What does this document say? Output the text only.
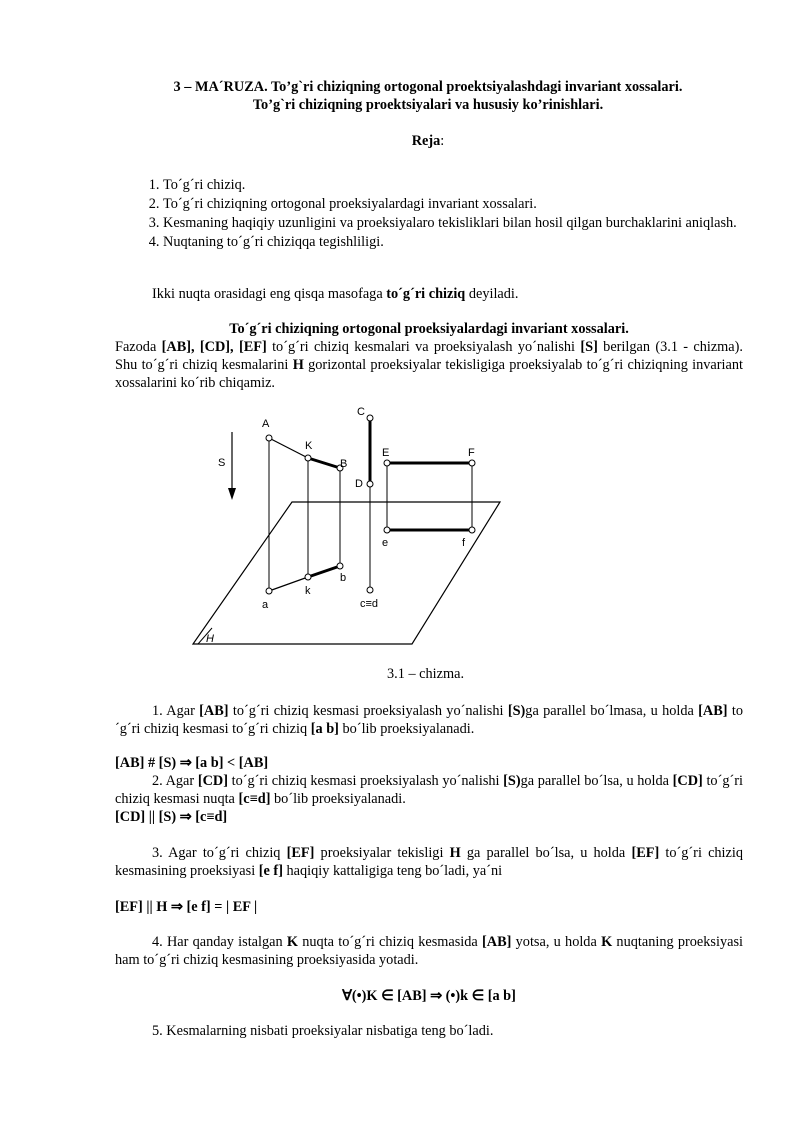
3 – MA´RUZA. To’g`ri chiziqning ortogonal proektsiyalashdagi invariant xossalari.
To’g`ri chiziqning proektsiyalari va hususiy ko’rinishlari.
Reja:
1. To´g´ri chiziq.
2. To´g´ri chiziqning ortogonal proeksiyalardagi invariant xossalari.
3. Kesmaning haqiqiy uzunligini va proeksiyalaro tekisliklari bilan hosil qilgan burchaklarini aniqlash.
4. Nuqtaning to´g´ri chiziqqa tegishliligi.
Ikki nuqta orasidagi eng qisqa masofaga to´g´ri chiziq deyiladi.
To´g´ri chiziqning ortogonal proeksiyalardagi invariant xossalari.
Fazoda [AB], [CD], [EF] to´g´ri chiziq kesmalari va proeksiyalash yo´nalishi [S] berilgan (3.1 - chizma). Shu to´g´ri chiziq kesmalarini H gorizontal proeksiyalar tekisligiga proeksiyalab to´g´ri chiziqning invariant xossalarini ko´rib chiqamiz.
H
S
A
K
B
a
k
b
C
D
c≡d
E	F
e	f
3.1 – chizma.
1. Agar [AB] to´g´ri chiziq kesmasi proeksiyalash yo´nalishi [S)ga parallel bo´lmasa, u holda [AB] to´g´ri chiziq kesmasi to´g´ri chiziq [a b] bo´lib proeksiyalanadi.
[AB] # [S) ⇒ [a b] < [AB]
2. Agar [CD] to´g´ri chiziq kesmasi proeksiyalash yo´nalishi [S)ga parallel bo´lsa, u holda [CD] to´g´ri chiziq kesmasi nuqta [c≡d] bo´lib proeksiyalanadi.
[CD] || [S) ⇒ [c≡d]
3. Agar to´g´ri chiziq [EF] proeksiyalar tekisligi H ga parallel bo´lsa, u holda [EF] to´g´ri chiziq kesmasining proeksiyasi [e f] haqiqiy kattaligiga teng bo´ladi, ya´ni
[EF] || H ⇒ [e f] = | EF |
4. Har qanday istalgan K nuqta to´g´ri chiziq kesmasida [AB] yotsa, u holda K nuqtaning proeksiyasi ham to´g´ri chiziq kesmasining proeksiyasida yotadi.
∀(•)K ∈ [AB] ⇒ (•)k ∈ [a b]
5. Kesmalarning nisbati proeksiyalar nisbatiga teng bo´ladi.
